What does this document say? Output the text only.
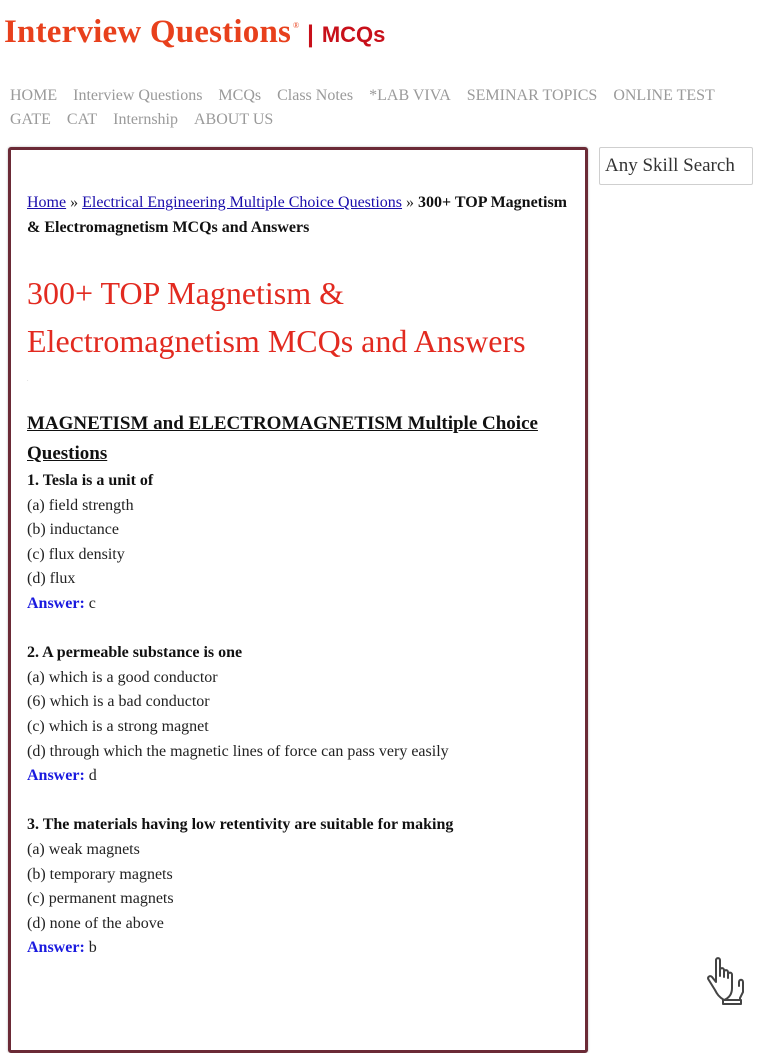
Interview Questions ® | MCQs
HOME Interview Questions MCQs Class Notes *LAB VIVA SEMINAR TOPICS ONLINE TESTGATE CAT Internship ABOUT US
Home » Electrical Engineering Multiple Choice Questions » 300+ TOP Magnetism & Electromagnetism MCQs and Answers
300+ TOP Magnetism & Electromagnetism MCQs and Answers
.
MAGNETISM and ELECTROMAGNETISM Multiple Choice Questions
1. Tesla is a unit of
(a) field strength
(b) inductance
(c) flux density
(d) flux
Answer: c
2. A permeable substance is one
(a) which is a good conductor
(6) which is a bad conductor
(c) which is a strong magnet
(d) through which the magnetic lines of force can pass very easily
Answer: d
3. The materials having low retentivity are suitable for making
(a) weak magnets
(b) temporary magnets
(c) permanent magnets
(d) none of the above
Answer: b
Any Skill Search
